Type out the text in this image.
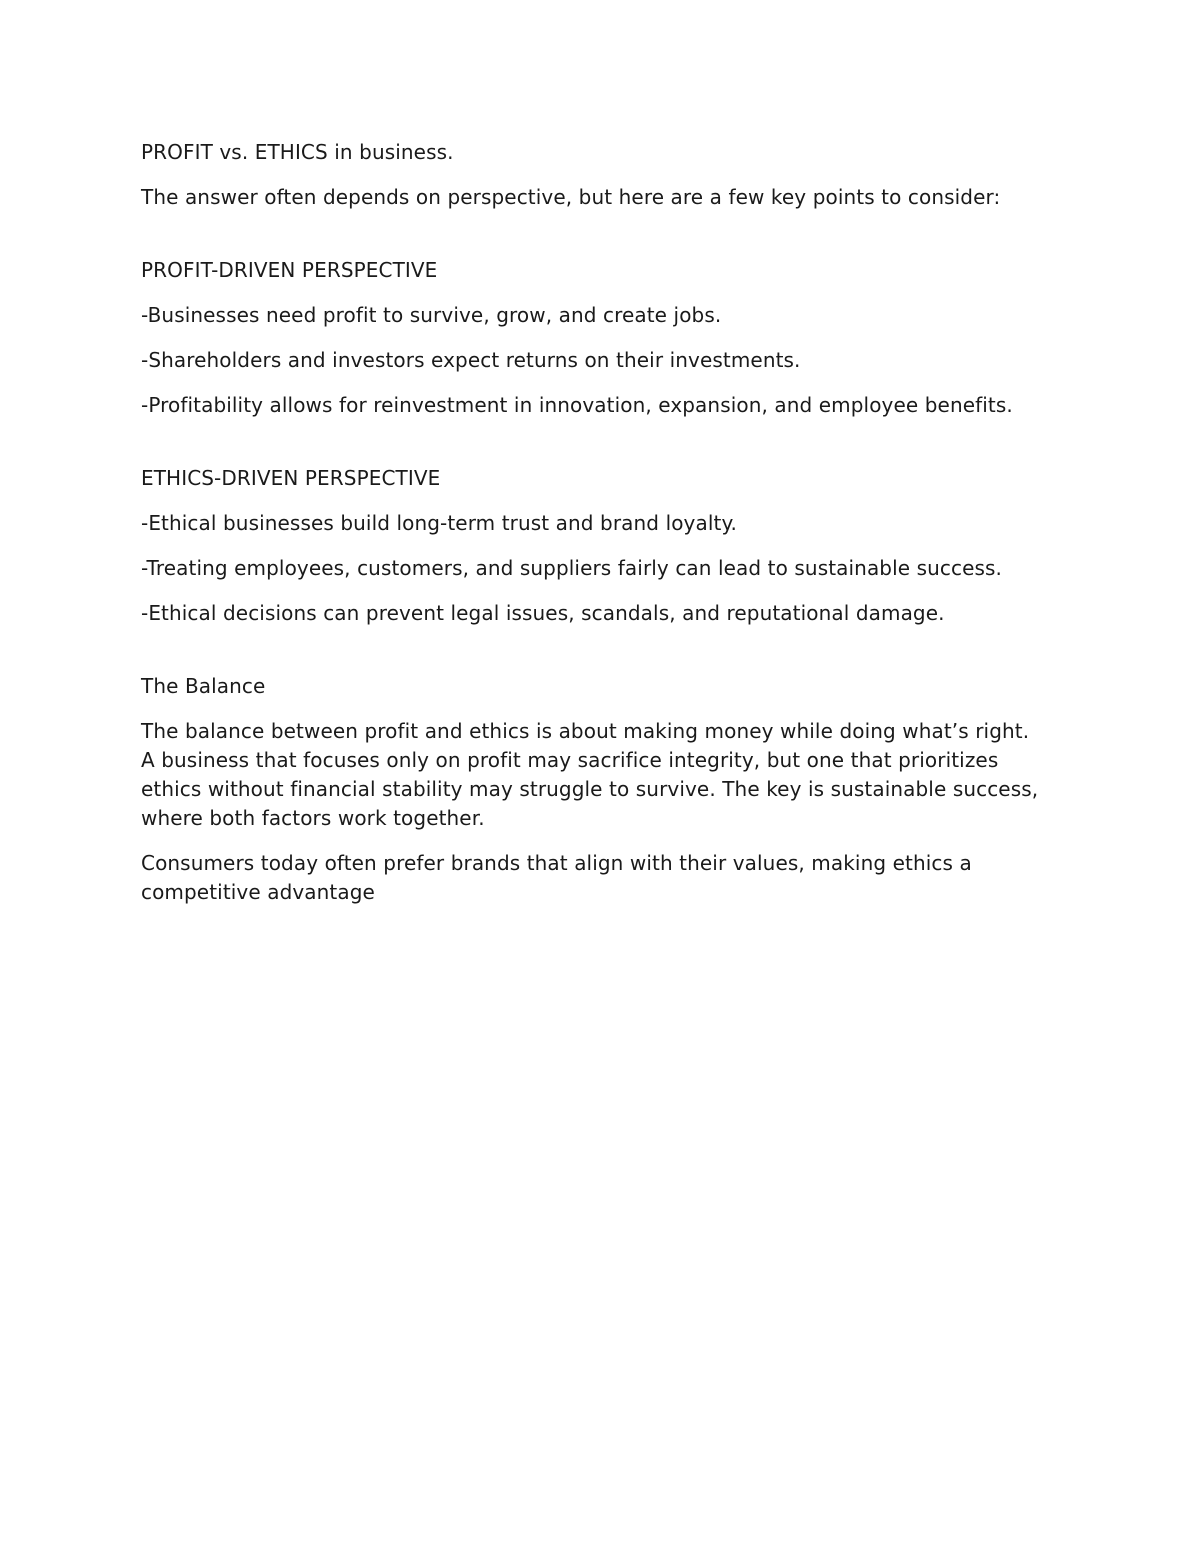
PROFIT vs. ETHICS in business.

The answer often depends on perspective, but here are a few key points to consider:

PROFIT-DRIVEN PERSPECTIVE

-Businesses need profit to survive, grow, and create jobs.

-Shareholders and investors expect returns on their investments.

-Profitability allows for reinvestment in innovation, expansion, and employee benefits.

ETHICS-DRIVEN PERSPECTIVE

-Ethical businesses build long-term trust and brand loyalty.

-Treating employees, customers, and suppliers fairly can lead to sustainable success.

-Ethical decisions can prevent legal issues, scandals, and reputational damage.

The Balance

The balance between profit and ethics is about making money while doing what’s right. A business that focuses only on profit may sacrifice integrity, but one that prioritizes ethics without financial stability may struggle to survive. The key is sustainable success, where both factors work together.

Consumers today often prefer brands that align with their values, making ethics a competitive advantage
